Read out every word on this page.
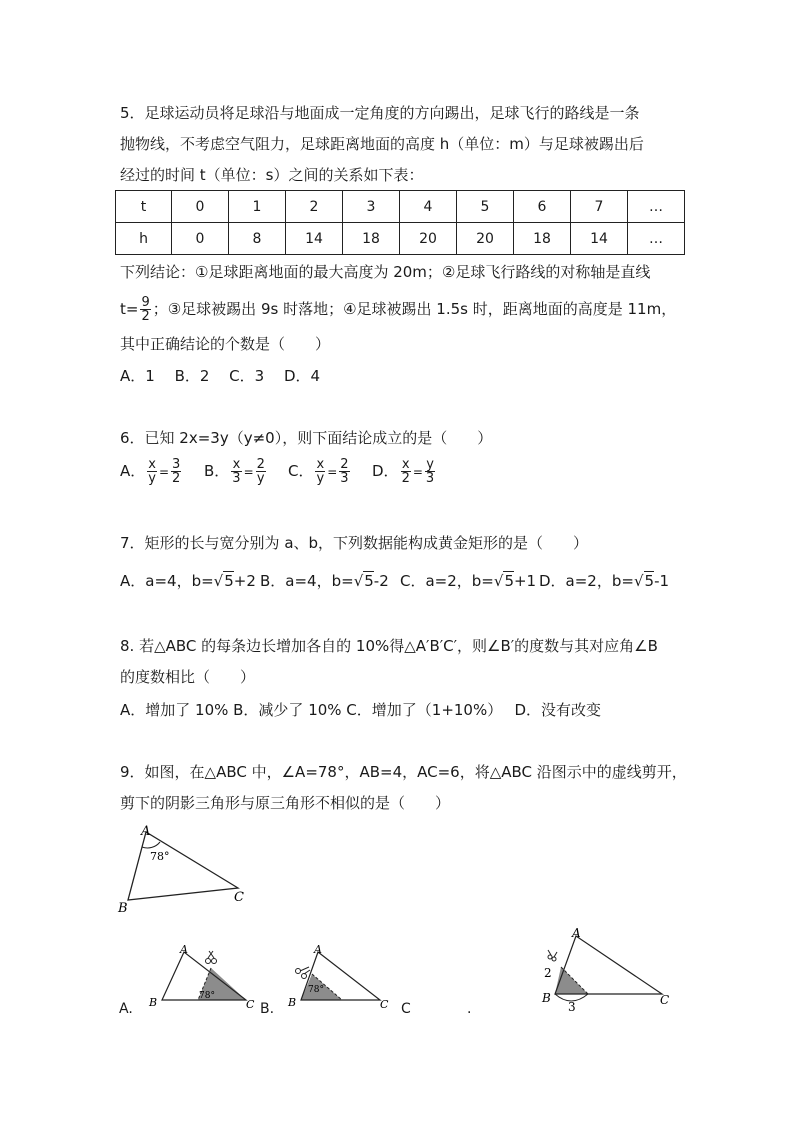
5．足球运动员将足球沿与地面成一定角度的方向踢出，足球飞行的路线是一条
抛物线，不考虑空气阻力，足球距离地面的高度 h（单位：m）与足球被踢出后
经过的时间 t（单位：s）之间的关系如下表：
t	0	1	2	3	4	5	6	7	…
h	0	8	14	18	20	20	18	14	…
下列结论：①足球距离地面的最大高度为 20m；②足球飞行路线的对称轴是直线
$t= \frac{9}{2}$ ；③足球被踢出 9s 时落地；④足球被踢出 1.5s 时，距离地面的高度是 11m，
其中正确结论的个数是（　　）
A．1　 B．2　 C．3　 D．4
6．已知 2x=3y（y≠0），则下面结论成立的是（　　）
A． $\frac{x}{y} = \frac{3}{2}$ B． $\frac{x}{3} = \frac{2}{y}$ C． $\frac{x}{y} = \frac{2}{3}$ D． $\frac{x}{2} = \frac{y}{3}$
7．矩形的长与宽分别为 a、b，下列数据能构成黄金矩形的是（　　）
A．a=4，b=√5+2 B．a=4，b=√5-2 C．a=2，b=√5+1 D．a=2，b=√5-1
8. 若△ABC 的每条边长增加各自的 10%得△A′B′C′，则∠B′的度数与其对应角∠B
的度数相比（　　）
A．增加了 10% B．减少了 10% C．增加了（1+10%）　 D．没有改变
9．如图，在△ABC 中，∠A=78°，AB=4，AC=6，将△ABC 沿图示中的虚线剪开，
剪下的阴影三角形与原三角形不相似的是（　　）
A
B
C
78°
A.
A
B	C
78°
B.
A
B	C
78°
C	.
A
B	C
2
3
